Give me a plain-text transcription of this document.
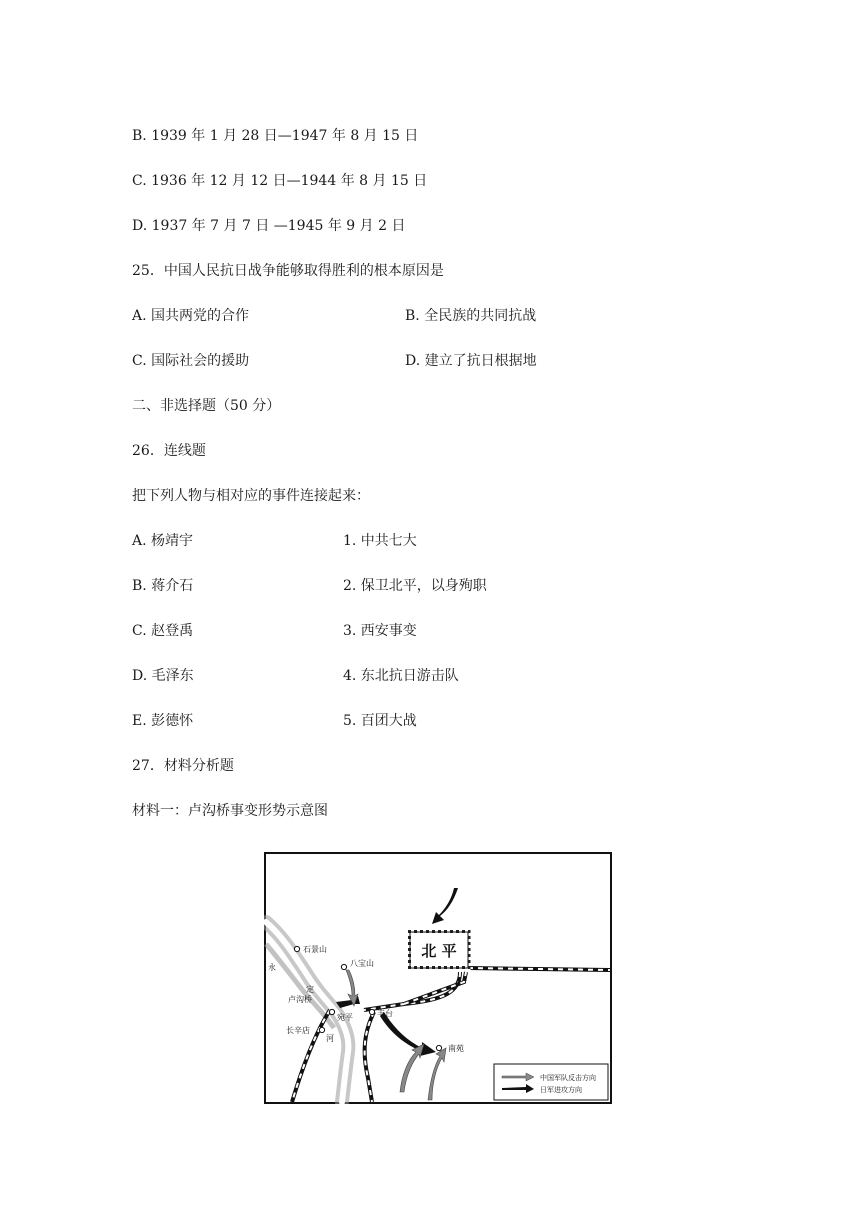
B. 1939 年 1 月 28 日—1947 年 8 月 15 日
C. 1936 年 12 月 12 日—1944 年 8 月 15 日
D. 1937 年 7 月 7 日 —1945 年 9 月 2 日
25．中国人民抗日战争能够取得胜利的根本原因是
A. 国共两党的合作	B. 全民族的共同抗战
C. 国际社会的援助	D. 建立了抗日根据地
二、非选择题（50 分）
26．连线题
把下列人物与相对应的事件连接起来：
A. 杨靖宇	1. 中共七大
B. 蒋介石	2. 保卫北平，以身殉职
C. 赵登禹	3. 西安事变
D. 毛泽东	4. 东北抗日游击队
E. 彭德怀	5. 百团大战
27．材料分析题
材料一：卢沟桥事变形势示意图
北 平
石景山
八宝山
卢沟桥
宛平	丰台
长辛店
南苑
永
定
河
中国军队反击方向
日军进攻方向
